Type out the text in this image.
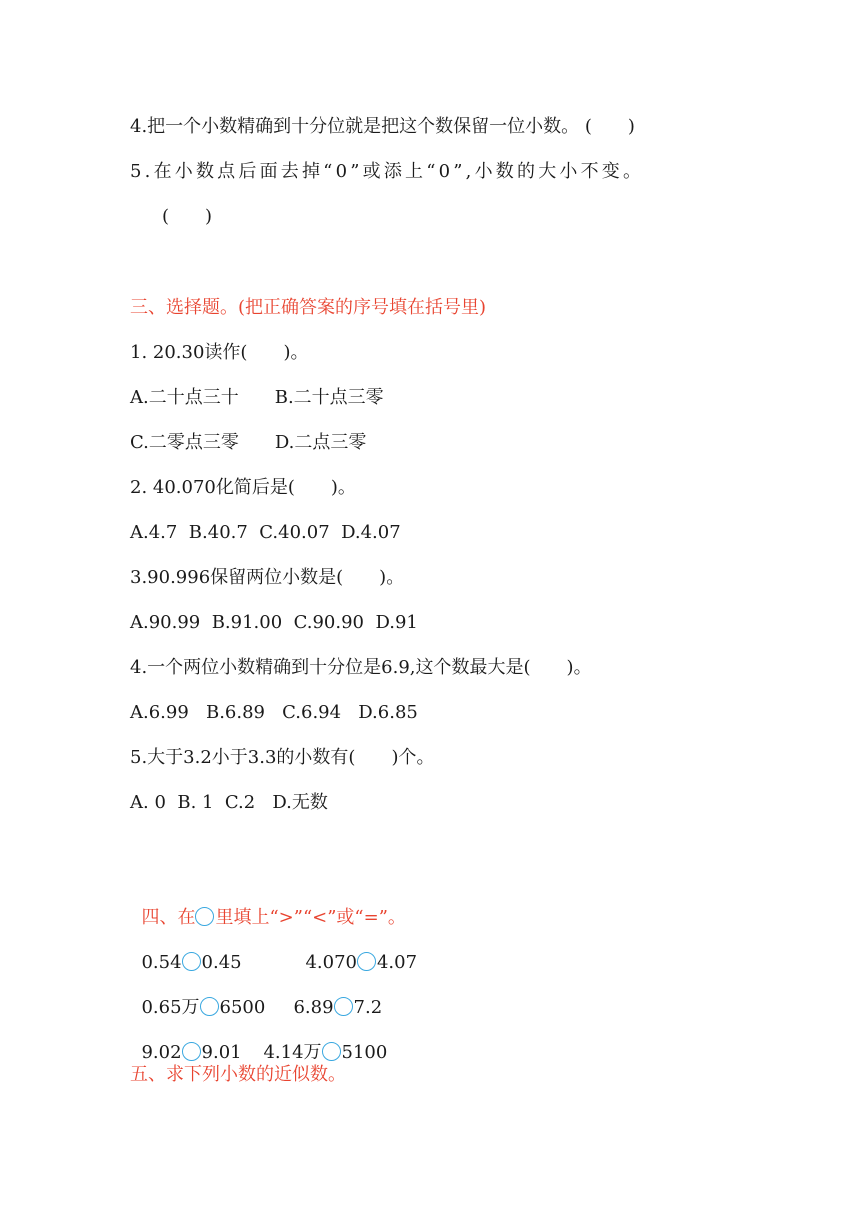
4.把一个小数精确到十分位就是把这个数保留一位小数。 (　　)
5.在小数点后面去掉“0”或添上“0”,小数的大小不变。
(　　)
三、选择题。(把正确答案的序号填在括号里)
1. 20.30读作(　　)。
A.二十点三十　　B.二十点三零
C.二零点三零　　D.二点三零
2. 40.070化简后是(　　)。
A.4.7  B.40.7  C.40.07  D.4.07
3.90.996保留两位小数是(　　)。
A.90.99  B.91.00  C.90.90  D.91
4.一个两位小数精确到十分位是6.9,这个数最大是(　　)。
A.6.99   B.6.89   C.6.94   D.6.85
5.大于3.2小于3.3的小数有(　　)个。
A. 0  B. 1  C.2   D.无数

四、在 里填上“>”“<”或“=”。

0.54 0.45	4.070 4.07

0.65万 6500	6.89 7.2

9.02 9.01	4.14万 5100

五、求下列小数的近似数。
